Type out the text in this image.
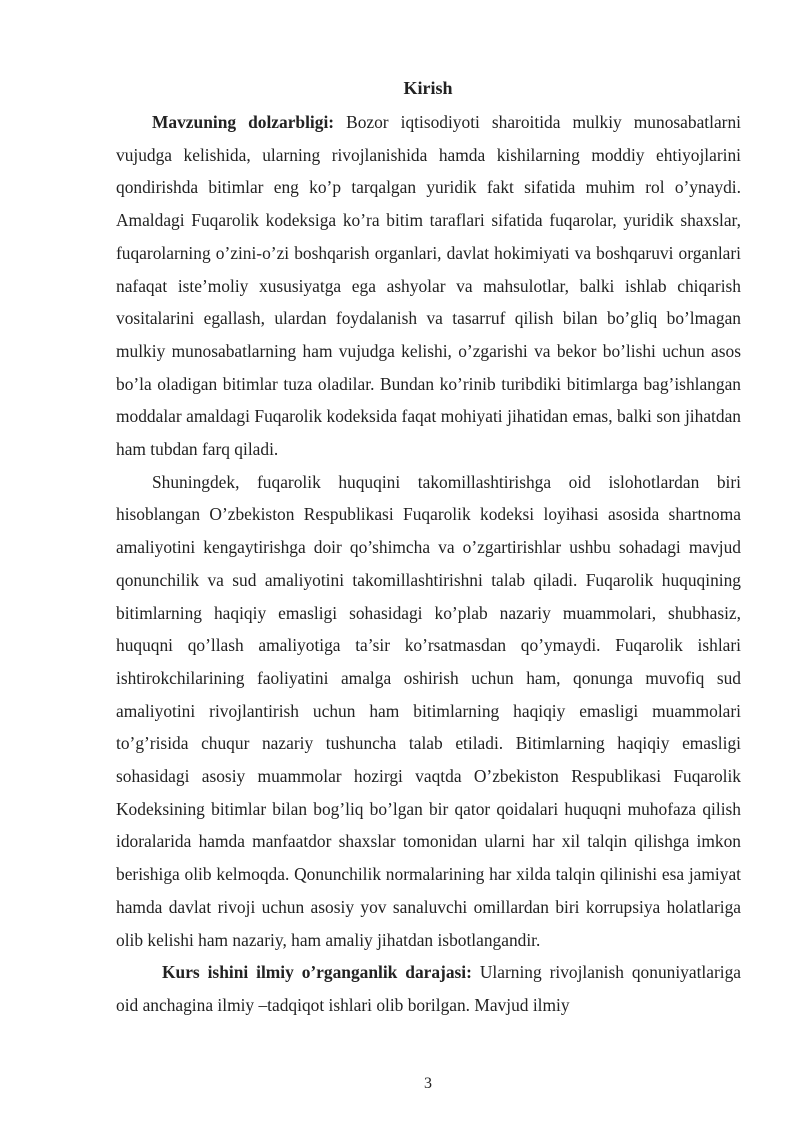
Kirish

Mavzuning dolzarbligi: Bozor iqtisodiyoti sharoitida mulkiy munosabatlarni vujudga kelishida, ularning rivojlanishida hamda kishilarning moddiy ehtiyojlarini qondirishda bitimlar eng ko’p tarqalgan yuridik fakt sifatida muhim rol o’ynaydi. Amaldagi Fuqarolik kodeksiga ko’ra bitim taraflari sifatida fuqarolar, yuridik shaxslar, fuqarolarning o’zini-o’zi boshqarish organlari, davlat hokimiyati va boshqaruvi organlari nafaqat iste’moliy xususiyatga ega ashyolar va mahsulotlar, balki ishlab chiqarish vositalarini egallash, ulardan foydalanish va tasarruf qilish bilan bo’gliq bo’lmagan mulkiy munosabatlarning ham vujudga kelishi, o’zgarishi va bekor bo’lishi uchun asos bo’la oladigan bitimlar tuza oladilar. Bundan ko’rinib turibdiki bitimlarga bag’ishlangan moddalar amaldagi Fuqarolik kodeksida faqat mohiyati jihatidan emas, balki son jihatdan ham tubdan farq qiladi.

Shuningdek, fuqarolik huquqini takomillashtirishga oid islohotlardan biri hisoblangan O’zbekiston Respublikasi Fuqarolik kodeksi loyihasi asosida shartnoma amaliyotini kengaytirishga doir qo’shimcha va o’zgartirishlar ushbu sohadagi mavjud qonunchilik va sud amaliyotini takomillashtirishni talab qiladi. Fuqarolik huquqining bitimlarning haqiqiy emasligi sohasidagi ko’plab nazariy muammolari, shubhasiz, huquqni qo’llash amaliyotiga ta’sir ko’rsatmasdan qo’ymaydi. Fuqarolik ishlari ishtirokchilarining faoliyatini amalga oshirish uchun ham, qonunga muvofiq sud amaliyotini rivojlantirish uchun ham bitimlarning haqiqiy emasligi muammolari to’g’risida chuqur nazariy tushuncha talab etiladi. Bitimlarning haqiqiy emasligi sohasidagi asosiy muammolar hozirgi vaqtda O’zbekiston Respublikasi Fuqarolik Kodeksining bitimlar bilan bog’liq bo’lgan bir qator qoidalari huquqni muhofaza qilish idoralarida hamda manfaatdor shaxslar tomonidan ularni har xil talqin qilishga imkon berishiga olib kelmoqda. Qonunchilik normalarining har xilda talqin qilinishi esa jamiyat hamda davlat rivoji uchun asosiy yov sanaluvchi omillardan biri korrupsiya holatlariga olib kelishi ham nazariy, ham amaliy jihatdan isbotlangandir.

Kurs ishini ilmiy o’rganganlik darajasi: Ularning rivojlanish qonuniyatlariga oid anchagina ilmiy –tadqiqot ishlari olib borilgan. Mavjud ilmiy

3
